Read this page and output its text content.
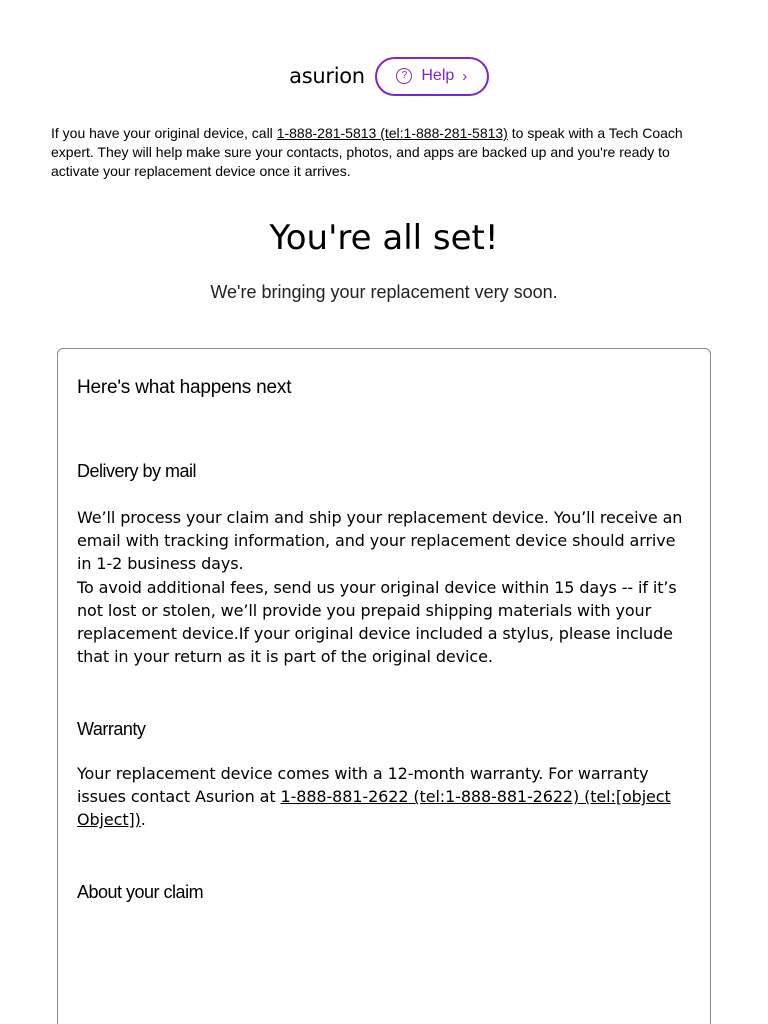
asurion	? Help ›
If you have your original device, call 1-888-281-5813 (tel:1-888-281-5813) to speak with a Tech Coach expert. They will help make sure your contacts, photos, and apps are backed up and you're ready to activate your replacement device once it arrives.
You're all set!
We're bringing your replacement very soon.
Here's what happens next
Delivery by mail
We’ll process your claim and ship your replacement device. You’ll receive an email with tracking information, and your replacement device should arrive in 1-2 business days.
To avoid additional fees, send us your original device within 15 days -- if it’s not lost or stolen, we’ll provide you prepaid shipping materials with your replacement device.If your original device included a stylus, please include that in your return as it is part of the original device.
Warranty
Your replacement device comes with a 12-month warranty. For warranty issues contact Asurion at 1-888-881-2622 (tel:1-888-881-2622) (tel:[object Object]).
About your claim
